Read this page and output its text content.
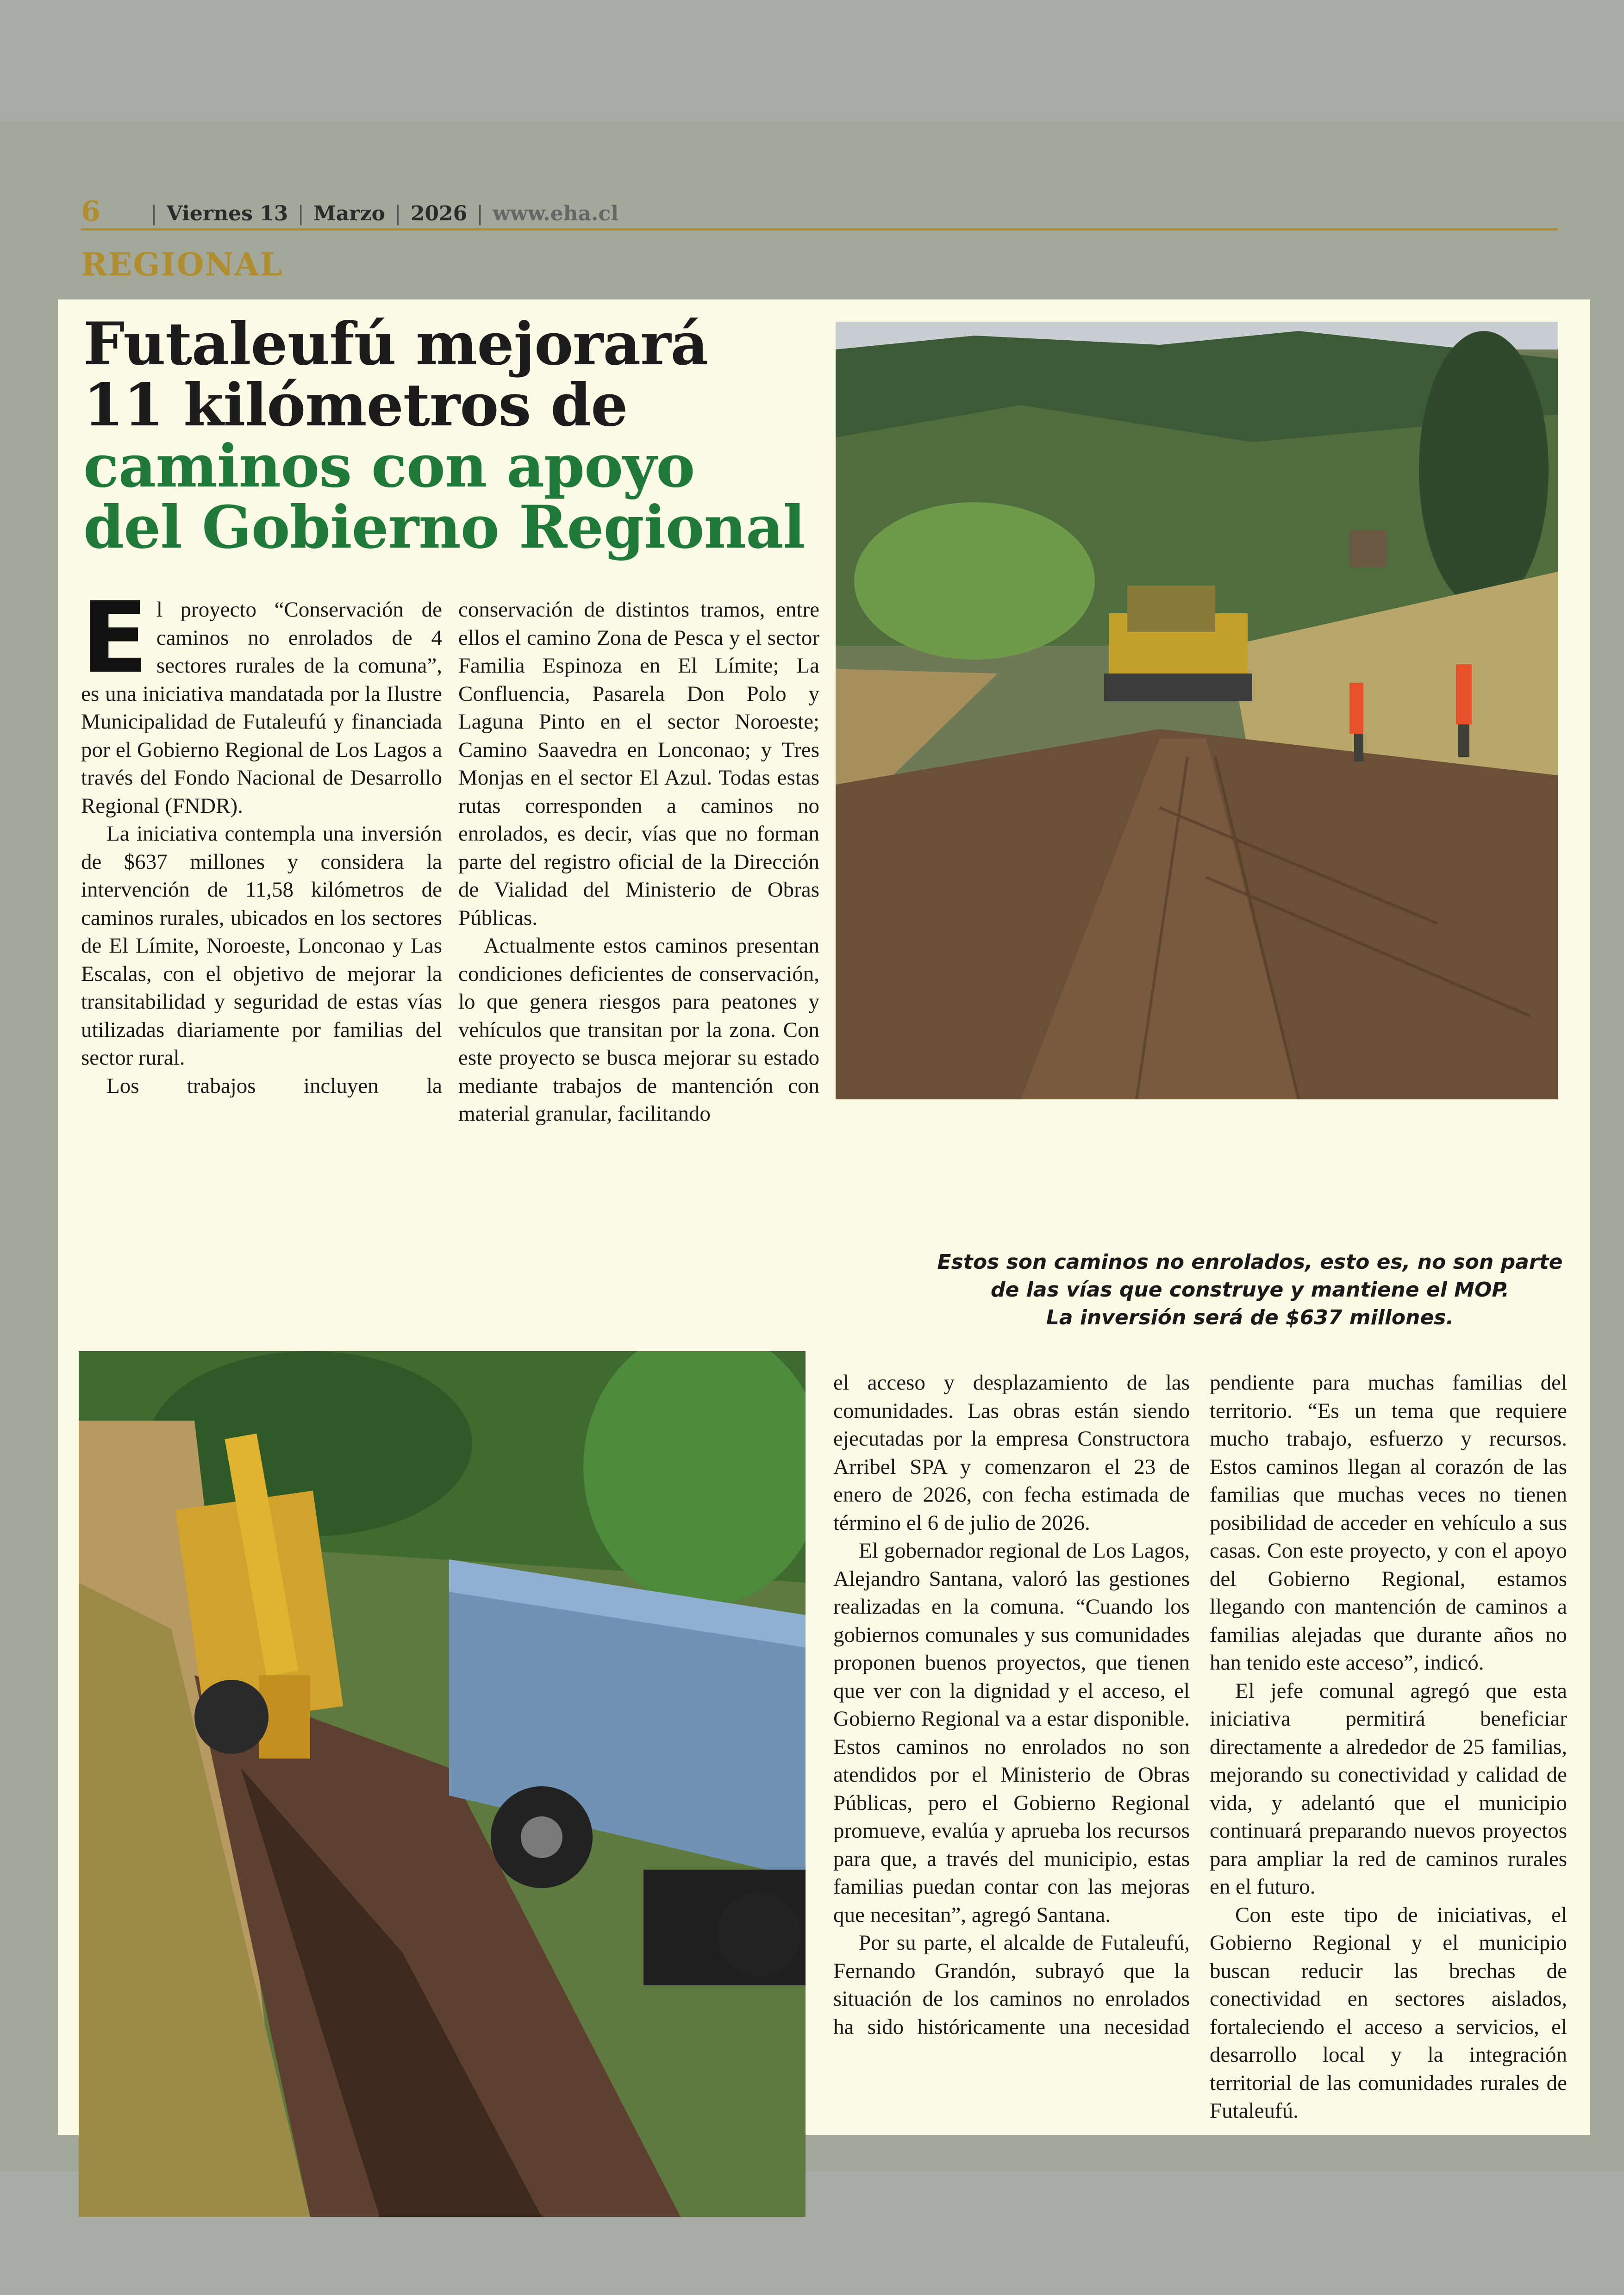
6	| Viernes 13 | Marzo | 2026 | www.eha.cl
REGIONAL
Futaleufú mejorará
11 kilómetros de
caminos con apoyo
del Gobierno Regional

El proyecto “Conservación de caminos no enrolados de 4 sectores rurales de la comuna”, es una iniciativa mandatada por la Ilustre Municipalidad de Futaleufú y financiada por el Gobierno Regional de Los Lagos a través del Fondo Nacional de Desarrollo Regional (FNDR).

La iniciativa contempla una inversión de $637 millones y considera la intervención de 11,58 kilómetros de caminos rurales, ubicados en los sectores de El Límite, Noroeste, Lonconao y Las Escalas, con el objetivo de mejorar la transitabilidad y seguridad de estas vías utilizadas diariamente por familias del sector rural.

Los trabajos incluyen la

conservación de distintos tramos, entre ellos el camino Zona de Pesca y el sector Familia Espinoza en El Límite; La Confluencia, Pasarela Don Polo y Laguna Pinto en el sector Noroeste; Camino Saavedra en Lonconao; y Tres Monjas en el sector El Azul. Todas estas rutas corresponden a caminos no enrolados, es decir, vías que no forman parte del registro oficial de la Dirección de Vialidad del Ministerio de Obras Públicas.

Actualmente estos caminos presentan condiciones deficientes de conservación, lo que genera riesgos para peatones y vehículos que transitan por la zona. Con este proyecto se busca mejorar su estado mediante trabajos de mantención con material granular, facilitando

Estos son caminos no enrolados, esto es, no son parte
de las vías que construye y mantiene el MOP.
La inversión será de $637 millones.

el acceso y desplazamiento de las comunidades. Las obras están siendo ejecutadas por la empresa Constructora Arribel SPA y comenzaron el 23 de enero de 2026, con fecha estimada de término el 6 de julio de 2026.

El gobernador regional de Los Lagos, Alejandro Santana, valoró las gestiones realizadas en la comuna. “Cuando los gobiernos comunales y sus comunidades proponen buenos proyectos, que tienen que ver con la dignidad y el acceso, el Gobierno Regional va a estar disponible. Estos caminos no enrolados no son atendidos por el Ministerio de Obras Públicas, pero el Gobierno Regional promueve, evalúa y aprueba los recursos para que, a través del municipio, estas familias puedan contar con las mejoras que necesitan”, agregó Santana.

Por su parte, el alcalde de Futaleufú, Fernando Grandón, subrayó que la situación de los caminos no enrolados ha sido históricamente una necesidad

pendiente para muchas familias del territorio. “Es un tema que requiere mucho trabajo, esfuerzo y recursos. Estos caminos llegan al corazón de las familias que muchas veces no tienen posibilidad de acceder en vehículo a sus casas. Con este proyecto, y con el apoyo del Gobierno Regional, estamos llegando con mantención de caminos a familias alejadas que durante años no han tenido este acceso”, indicó.

El jefe comunal agregó que esta iniciativa permitirá beneficiar directamente a alrededor de 25 familias, mejorando su conectividad y calidad de vida, y adelantó que el municipio continuará preparando nuevos proyectos para ampliar la red de caminos rurales en el futuro.

Con este tipo de iniciativas, el Gobierno Regional y el municipio buscan reducir las brechas de conectividad en sectores aislados, fortaleciendo el acceso a servicios, el desarrollo local y la integración territorial de las comunidades rurales de Futaleufú.
